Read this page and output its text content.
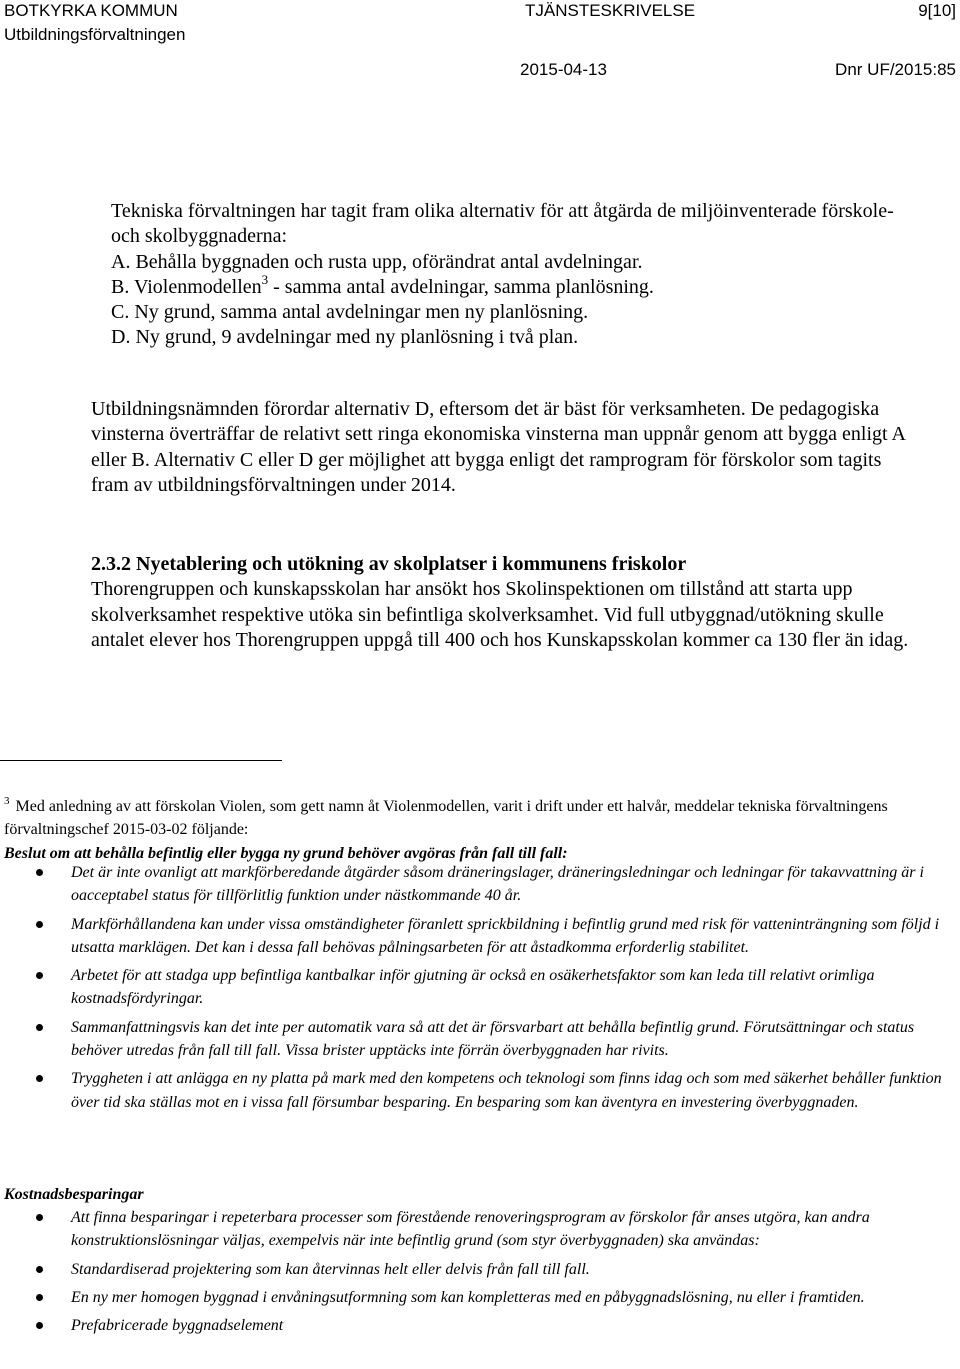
BOTKYRKA KOMMUN
Utbildningsförvaltningen
TJÄNSTESKRIVELSE	9[10]
2015-04-13	Dnr UF/2015:85

Tekniska förvaltningen har tagit fram olika alternativ för att åtgärda de miljöinventerade förskole- och skolbyggnaderna:

A. Behålla byggnaden och rusta upp, oförändrat antal avdelningar.

B. Violenmodellen$^3$ - samma antal avdelningar, samma planlösning.

C. Ny grund, samma antal avdelningar men ny planlösning.

D. Ny grund, 9 avdelningar med ny planlösning i två plan.

Utbildningsnämnden förordar alternativ D, eftersom det är bäst för verksamheten. De pedagogiska vinsterna överträffar de relativt sett ringa ekonomiska vinsterna man uppnår genom att bygga enligt A eller B. Alternativ C eller D ger möjlighet att bygga enligt det ramprogram för förskolor som tagits fram av utbildningsförvaltningen under 2014.

2.3.2 Nyetablering och utökning av skolplatser i kommunens friskolor

Thorengruppen och kunskapsskolan har ansökt hos Skolinspektionen om tillstånd att starta upp skolverksamhet respektive utöka sin befintliga skolverksamhet. Vid full utbyggnad/utökning skulle antalet elever hos Thorengruppen uppgå till 400 och hos Kunskapsskolan kommer ca 130 fler än idag.

$^3$ Med anledning av att förskolan Violen, som gett namn åt Violenmodellen, varit i drift under ett halvår, meddelar tekniska förvaltningens förvaltningschef 2015-03-02 följande:

Beslut om att behålla befintlig eller bygga ny grund behöver avgöras från fall till fall:

Det är inte ovanligt att markförberedande åtgärder såsom dräneringslager, dräneringsledningar och ledningar för takavvattning är i oacceptabel status för tillförlitlig funktion under nästkommande 40 år.
Markförhållandena kan under vissa omständigheter föranlett sprickbildning i befintlig grund med risk för vatteninträngning som följd i utsatta marklägen. Det kan i dessa fall behövas pålningsarbeten för att åstadkomma erforderlig stabilitet.
Arbetet för att stadga upp befintliga kantbalkar inför gjutning är också en osäkerhetsfaktor som kan leda till relativt orimliga kostnadsfördyringar.
Sammanfattningsvis kan det inte per automatik vara så att det är försvarbart att behålla befintlig grund. Förutsättningar och status behöver utredas från fall till fall. Vissa brister upptäcks inte förrän överbyggnaden har rivits.
Tryggheten i att anlägga en ny platta på mark med den kompetens och teknologi som finns idag och som med säkerhet behåller funktion över tid ska ställas mot en i vissa fall försumbar besparing. En besparing som kan äventyra en investering överbyggnaden.
Kostnadsbesparingar
Att finna besparingar i repeterbara processer som förestående renoveringsprogram av förskolor får anses utgöra, kan andra konstruktionslösningar väljas, exempelvis när inte befintlig grund (som styr överbyggnaden) ska användas:
Standardiserad projektering som kan återvinnas helt eller delvis från fall till fall.
En ny mer homogen byggnad i envåningsutformning som kan kompletteras med en påbyggnadslösning, nu eller i framtiden.
Prefabricerade byggnadselement
